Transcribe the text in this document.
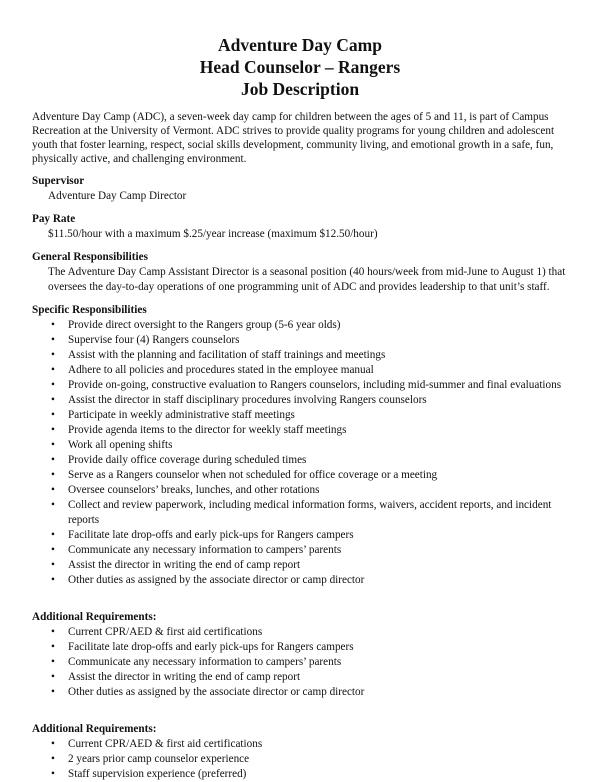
Adventure Day Camp
Head Counselor – Rangers
Job Description
Adventure Day Camp (ADC), a seven-week day camp for children between the ages of 5 and 11, is part of Campus Recreation at the University of Vermont. ADC strives to provide quality programs for young children and adolescent youth that foster learning, respect, social skills development, community living, and emotional growth in a safe, fun, physically active, and challenging environment.
Supervisor
Adventure Day Camp Director
Pay Rate
$11.50/hour with a maximum $.25/year increase (maximum $12.50/hour)
General Responsibilities
The Adventure Day Camp Assistant Director is a seasonal position (40 hours/week from mid-June to August 1) that oversees the day-to-day operations of one programming unit of ADC and provides leadership to that unit’s staff.
Specific Responsibilities
• Provide direct oversight to the Rangers group (5-6 year olds)
• Supervise four (4) Rangers counselors
• Assist with the planning and facilitation of staff trainings and meetings
• Adhere to all policies and procedures stated in the employee manual
• Provide on-going, constructive evaluation to Rangers counselors, including mid-summer and final evaluations
• Assist the director in staff disciplinary procedures involving Rangers counselors
• Participate in weekly administrative staff meetings
• Provide agenda items to the director for weekly staff meetings
• Work all opening shifts
• Provide daily office coverage during scheduled times
• Serve as a Rangers counselor when not scheduled for office coverage or a meeting
• Oversee counselors’ breaks, lunches, and other rotations
• Collect and review paperwork, including medical information forms, waivers, accident reports, and incident reports
• Facilitate late drop-offs and early pick-ups for Rangers campers
• Communicate any necessary information to campers’ parents
• Assist the director in writing the end of camp report
• Other duties as assigned by the associate director or camp director
Additional Requirements:
• Current CPR/AED & first aid certifications
• Facilitate late drop-offs and early pick-ups for Rangers campers
• Communicate any necessary information to campers’ parents
• Assist the director in writing the end of camp report
• Other duties as assigned by the associate director or camp director
Additional Requirements:
• Current CPR/AED & first aid certifications
• 2 years prior camp counselor experience
• Staff supervision experience (preferred)
